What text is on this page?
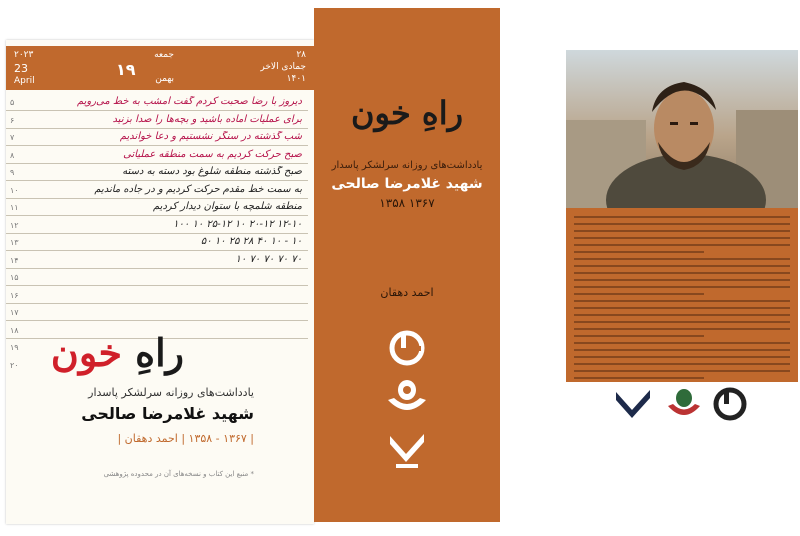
۲۸
جمادی الاخر
۱۴۰۱
جمعه
۱۹ بهمن
۲۰۲۳
23
April
۵
۶
۷
۸
۹
۱۰
۱۱
۱۲
۱۳
۱۴
۱۵
۱۶
۱۷
۱۸
۱۹
۲۰
دیروز با رضا صحبت کردم گفت امشب به خط می‌رویم
برای عملیات آماده باشید و بچه‌ها را صدا بزنید
شب گذشته در سنگر نشستیم و دعا خواندیم
صبح حرکت کردیم به سمت منطقه عملیاتی
صبح گذشته منطقه شلوغ بود دسته به دسته
به سمت خط مقدم حرکت کردیم و در جاده ماندیم
منطقه شلمچه با ستوان دیدار کردیم
۱۲-۱۰ ۲۰-۱۲ ۱۰ ۲۵-۱۲ ۱۰ ۱۰۰
۱۰ - ۱۰ ۴۰ ۲۸ ۲۵ ۱۰ ۵۰
۷۰ ۷۰ ۷۰ ۷۰ ۱۰
راهِ خون
یادداشت‌های روزانه سرلشکر پاسدار
شهید غلامرضا صالحی
| ۱۳۶۷ - ۱۳۵۸ | احمد دهقان |
* منبع این کتاب و نسخه‌های آن در محدوده پژوهشی
راهِ خون
یادداشت‌های روزانه سرلشکر پاسدار
شهید غلامرضا صالحی
۱۳۶۷ ۱۳۵۸
احمد دهقان
